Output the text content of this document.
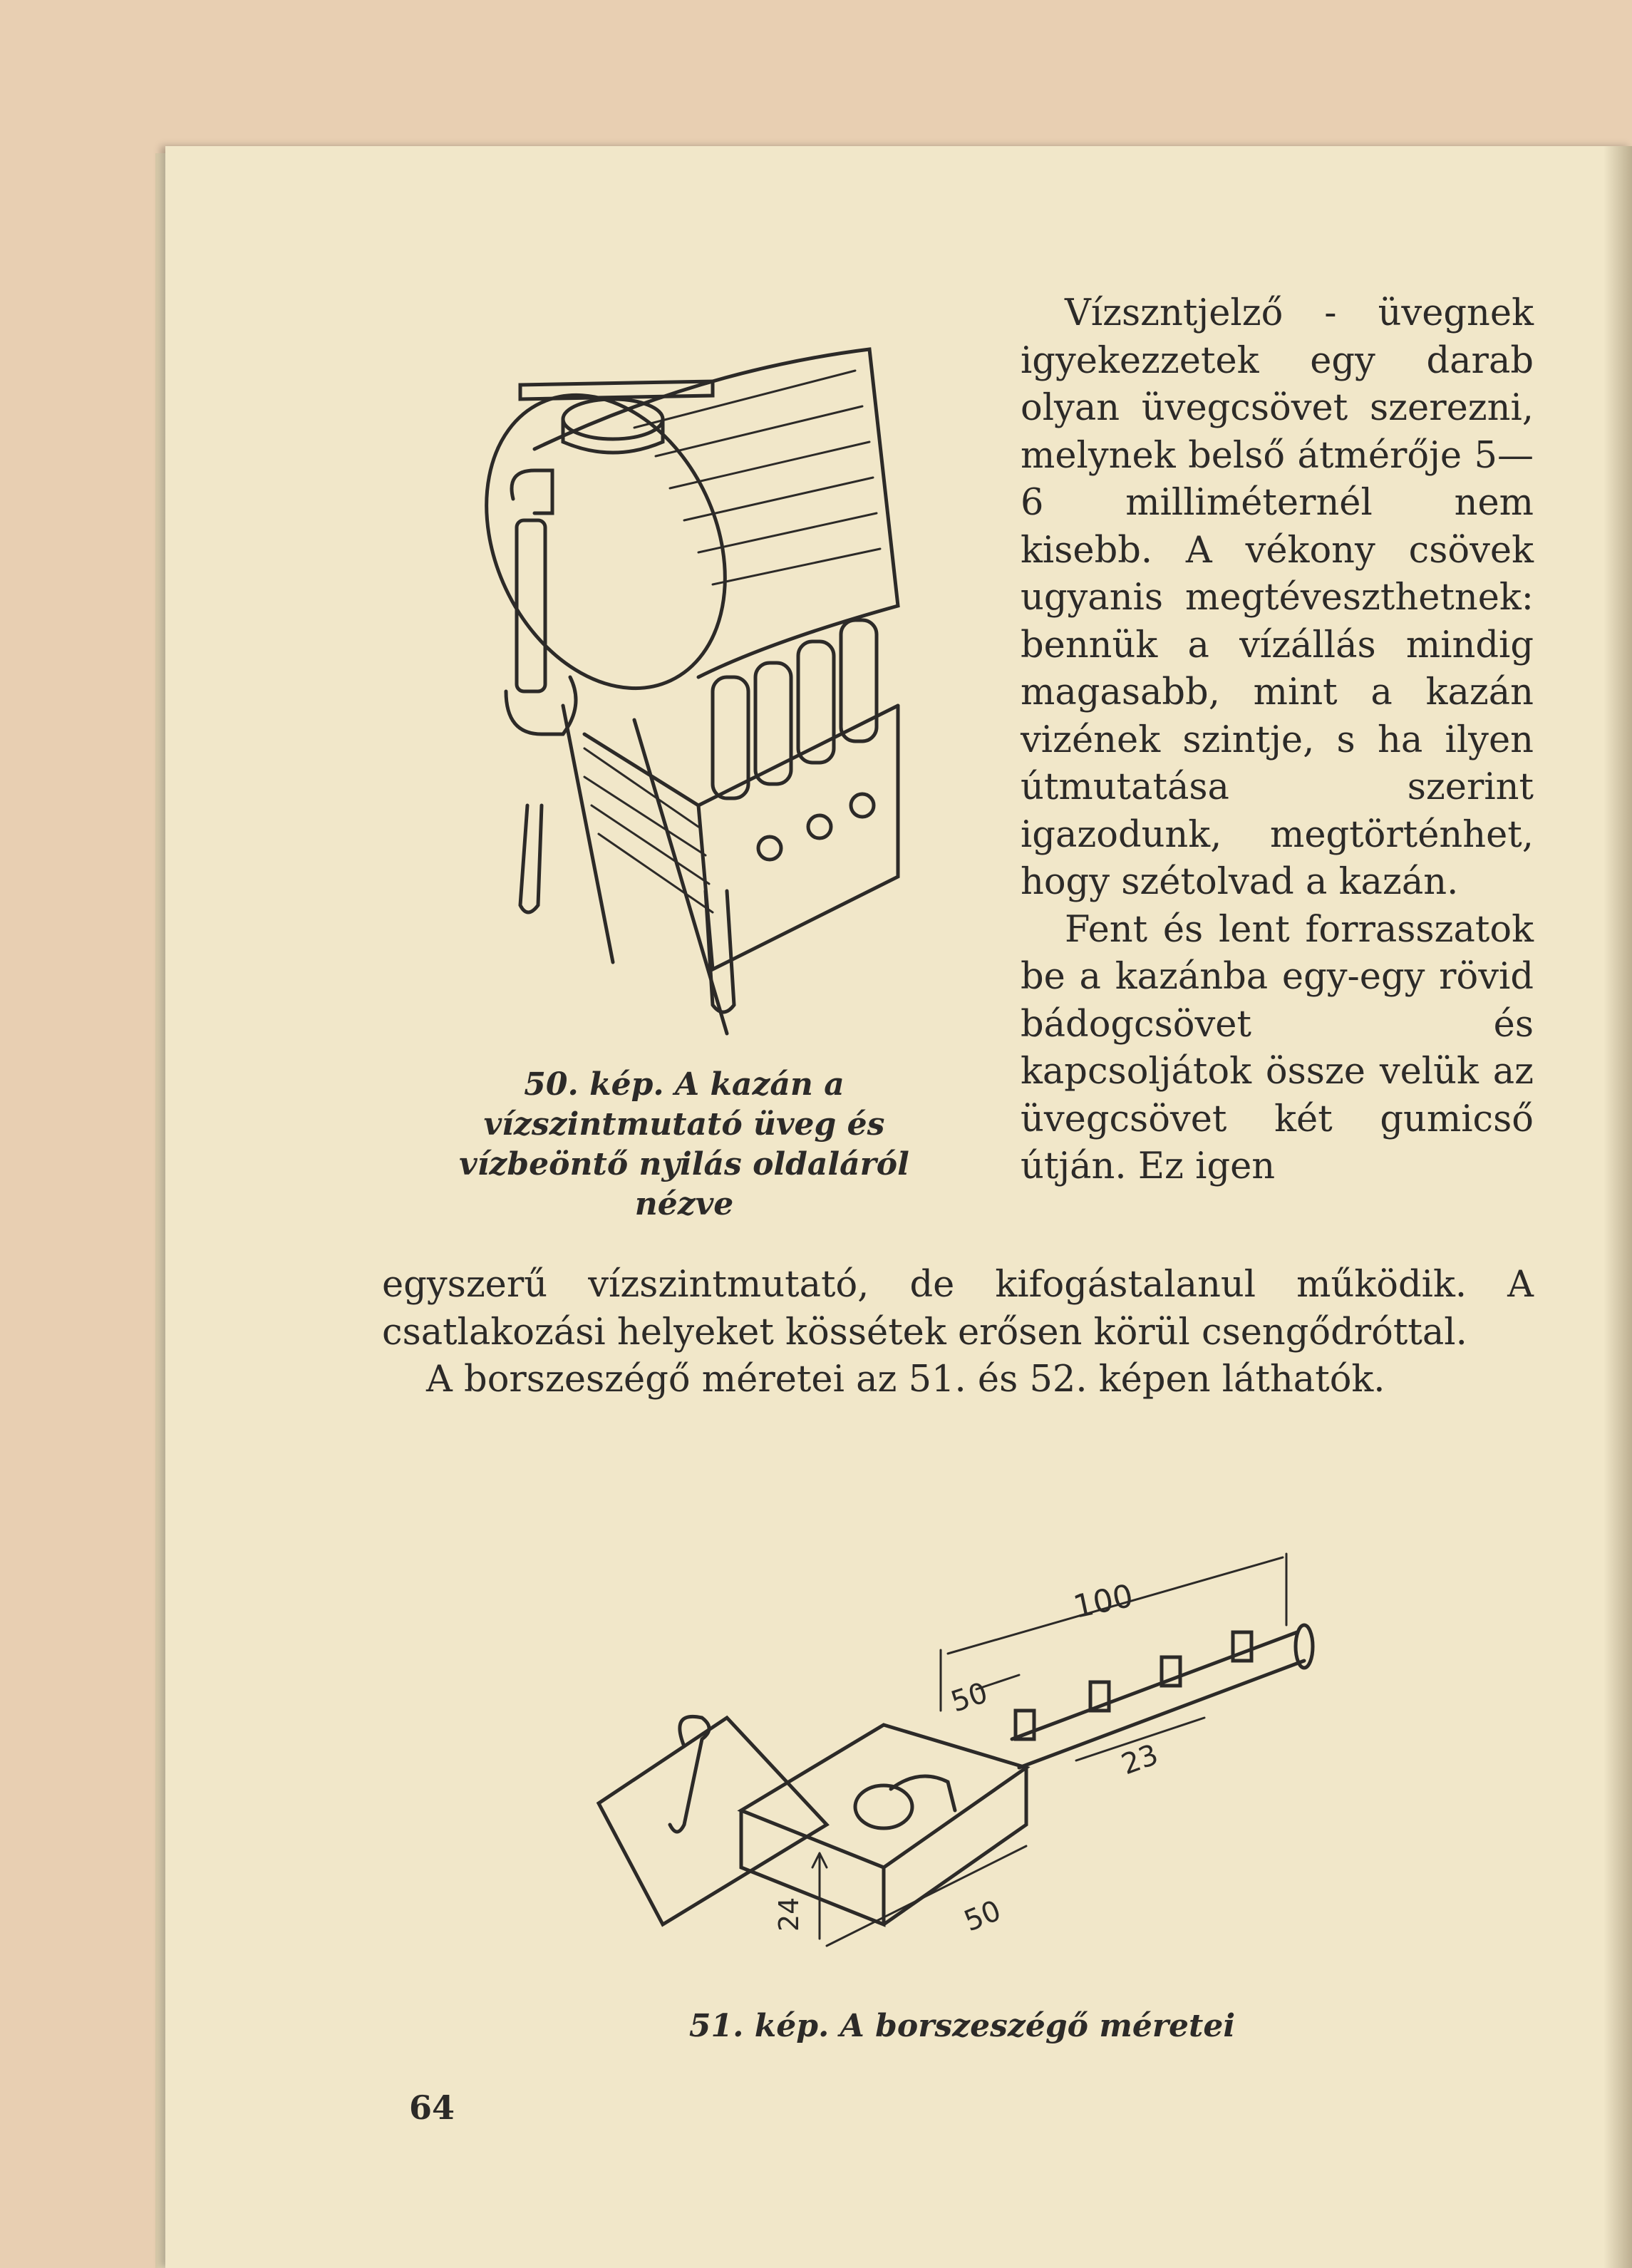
50. kép. A kazán a vízszintmutató üveg és vízbeöntő nyilás oldaláról nézve

Vízszntjelző - üvegnek igyekezzetek egy darab olyan üvegcsövet szerezni, melynek belső átmérője 5—6 milliméternél nem kisebb. A vékony csövek ugyanis megtéveszthetnek: bennük a vízállás mindig magasabb, mint a kazán vizének szintje, s ha ilyen útmutatása szerint igazodunk, megtörténhet, hogy szétolvad a kazán.

Fent és lent forrasszatok be a kazánba egy-egy rövid bádogcsövet és kapcsoljátok össze velük az üvegcsövet két gumicső útján. Ez igen

egyszerű vízszintmutató, de kifogástalanul működik. A csatlakozási helyeket kössétek erősen körül csengődróttal.

A borszeszégő méretei az 51. és 52. képen láthatók.

100
50
23
50
24
51. kép. A borszeszégő méretei
64
